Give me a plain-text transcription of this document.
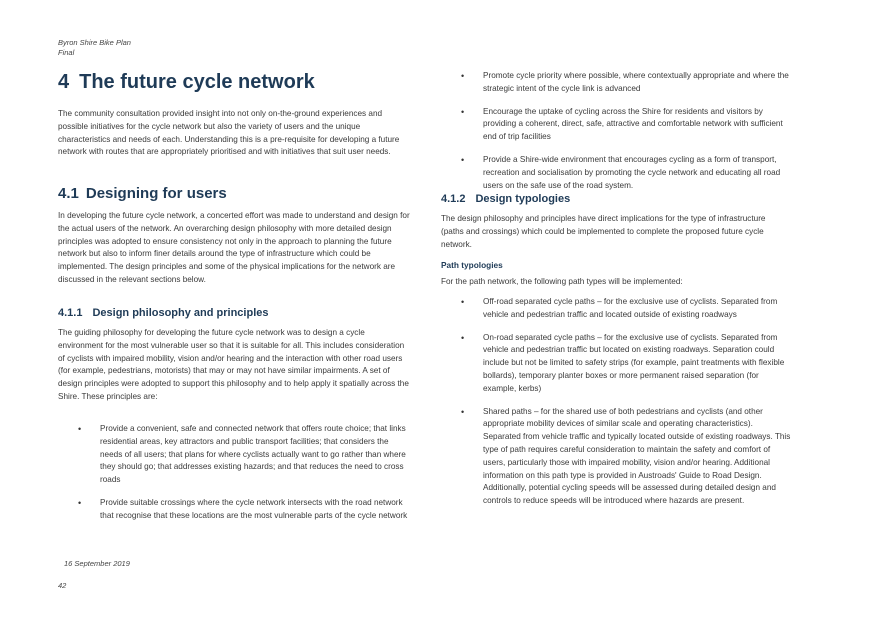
Byron Shire Bike Plan
Final
4 The future cycle network

The community consultation provided insight into not only on-the-ground experiences and possible initiatives for the cycle network but also the variety of users and the unique characteristics and needs of each. Understanding this is a pre-requisite for developing a future network with routes that are appropriately prioritised and with initiatives that suit user needs.

4.1 Designing for users

In developing the future cycle network, a concerted effort was made to understand and design for the actual users of the network. An overarching design philosophy with more detailed design principles was adopted to ensure consistency not only in the approach to planning the future network but also to inform finer details around the type of infrastructure which could be implemented. The design principles and some of the physical implications for the network are discussed in the relevant sections below.

4.1.1 Design philosophy and principles

The guiding philosophy for developing the future cycle network was to design a cycle environment for the most vulnerable user so that it is suitable for all. This includes consideration of cyclists with impaired mobility, vision and/or hearing and the interaction with other road users (for example, pedestrians, motorists) that may or may not have similar impairments. A set of design principles were adopted to support this philosophy and to help apply it spatially across the Shire. These principles are:

• Provide a convenient, safe and connected network that offers route choice; that links residential areas, key attractors and public transport facilities; that considers the needs of all users; that plans for where cyclists actually want to go rather than where they should go; that addresses existing hazards; and that reduces the need to cross roads
• Provide suitable crossings where the cycle network intersects with the road network that recognise that these locations are the most vulnerable parts of the cycle network
• Promote cycle priority where possible, where contextually appropriate and where the strategic intent of the cycle link is advanced
• Encourage the uptake of cycling across the Shire for residents and visitors by providing a coherent, direct, safe, attractive and comfortable network with sufficient end of trip facilities
• Provide a Shire-wide environment that encourages cycling as a form of transport, recreation and socialisation by promoting the cycle network and educating all road users on the safe use of the road system.
4.1.2 Design typologies

The design philosophy and principles have direct implications for the type of infrastructure (paths and crossings) which could be implemented to complete the proposed future cycle network.

Path typologies

For the path network, the following path types will be implemented:

• Off-road separated cycle paths – for the exclusive use of cyclists. Separated from vehicle and pedestrian traffic and located outside of existing roadways
• On-road separated cycle paths – for the exclusive use of cyclists. Separated from vehicle and pedestrian traffic but located on existing roadways. Separation could include but not be limited to safety strips (for example, paint treatments with flexible bollards), temporary planter boxes or more permanent raised separation (for example, kerbs)
• Shared paths – for the shared use of both pedestrians and cyclists (and other appropriate mobility devices of similar scale and operating characteristics). Separated from vehicle traffic and typically located outside of existing roadways. This type of path requires careful consideration to maintain the safety and comfort of users, particularly those with impaired mobility, vision and/or hearing. Additional information on this path type is provided in Austroads' Guide to Road Design. Additionally, potential cycling speeds will be assessed during detailed design and controls to reduce speeds will be introduced where hazards are present.
16 September 2019
42
